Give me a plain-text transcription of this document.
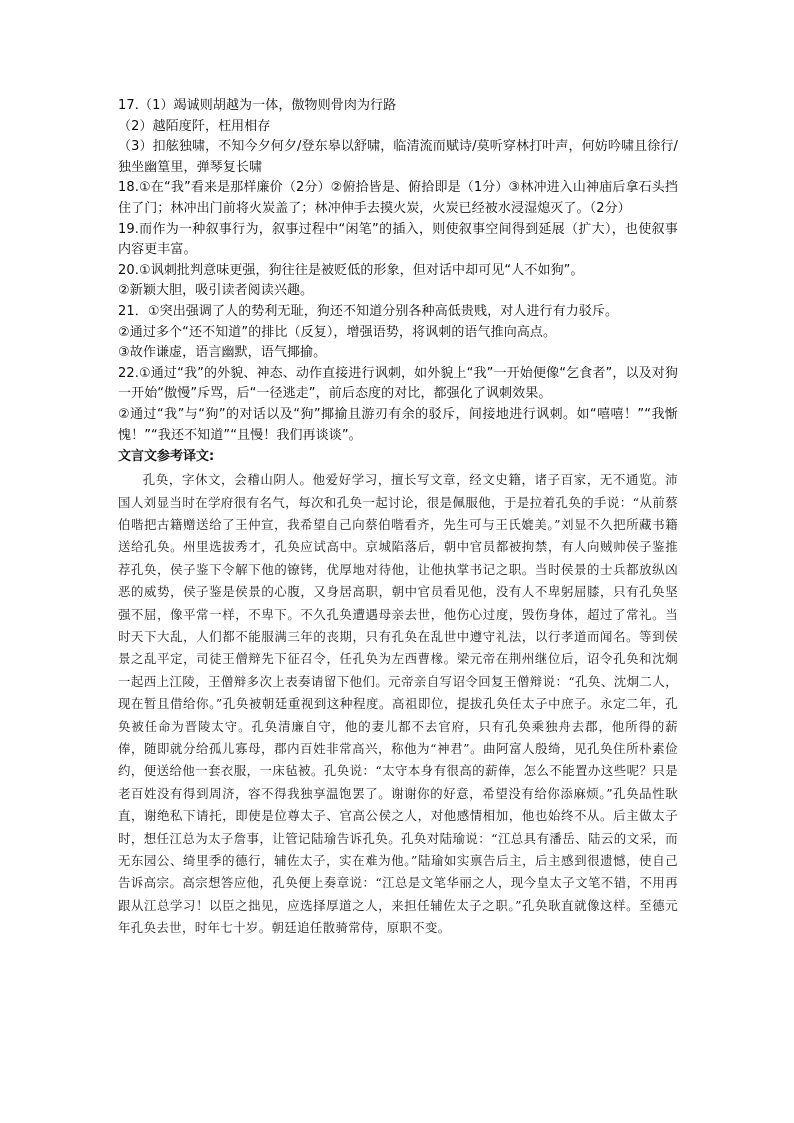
17.（1）竭诚则胡越为一体，傲物则骨肉为行路

（2）越陌度阡，枉用相存

（3）扣舷独啸，不知今夕何夕/登东皋以舒啸，临清流而赋诗/莫听穿林打叶声，何妨吟啸且徐行/独坐幽篁里，弹琴复长啸

18.①在“我”看来是那样廉价（2分）②俯拾皆是、俯拾即是（1分）③林冲进入山神庙后拿石头挡住了门；林冲出门前将火炭盖了；林冲伸手去摸火炭，火炭已经被水浸湿熄灭了。（2分）

19.而作为一种叙事行为，叙事过程中“闲笔”的插入，则使叙事空间得到延展（扩大），也使叙事内容更丰富。

20.①讽刺批判意味更强，狗往往是被贬低的形象，但对话中却可见“人不如狗”。

②新颖大胆，吸引读者阅读兴趣。

21．①突出强调了人的势利无耻，狗还不知道分别各种高低贵贱，对人进行有力驳斥。

②通过多个“还不知道”的排比（反复），增强语势，将讽刺的语气推向高点。

③故作谦虚，语言幽默，语气揶揄。

22.①通过“我”的外貌、神态、动作直接进行讽刺，如外貌上“我”一开始便像“乞食者”，以及对狗一开始“傲慢”斥骂，后“一径逃走”，前后态度的对比，都强化了讽刺效果。

②通过“我”与“狗”的对话以及“狗”揶揄且游刃有余的驳斥，间接地进行讽刺。如“嘻嘻！”“我惭愧！”“我还不知道”“且慢！我们再谈谈”。

文言文参考译文:

孔奂，字休文，会稽山阴人。他爱好学习，擅长写文章，经文史籍，诸子百家，无不通览。沛国人刘显当时在学府很有名气，每次和孔奂一起讨论，很是佩服他，于是拉着孔奂的手说：“从前蔡伯喈把古籍赠送给了王仲宣，我希望自己向蔡伯喈看齐，先生可与王氏媲美。”刘显不久把所藏书籍送给孔奂。州里选拔秀才，孔奂应试高中。京城陷落后，朝中官员都被拘禁，有人向贼帅侯子鉴推荐孔奂，侯子鉴下令解下他的镣铐，优厚地对待他，让他执掌书记之职。当时侯景的士兵都放纵凶恶的威势，侯子鉴是侯景的心腹，又身居高职，朝中官员看见他，没有人不卑躬屈膝，只有孔奂坚强不屈，像平常一样，不卑下。不久孔奂遭遇母亲去世，他伤心过度，毁伤身体，超过了常礼。当时天下大乱，人们都不能服满三年的丧期，只有孔奂在乱世中遵守礼法，以行孝道而闻名。等到侯景之乱平定，司徒王僧辩先下征召令，任孔奂为左西曹椽。梁元帝在荆州继位后，诏令孔奂和沈炯一起西上江陵，王僧辩多次上表奏请留下他们。元帝亲自写诏令回复王僧辩说：“孔奂、沈炯二人，现在暂且借给你。”孔奂被朝廷重视到这种程度。高祖即位，提拔孔奂任太子中庶子。永定二年，孔奂被任命为晋陵太守。孔奂清廉自守，他的妻儿都不去官府，只有孔奂乘独舟去郡，他所得的薪俸，随即就分给孤儿寡母，郡内百姓非常高兴，称他为“神君”。曲阿富人殷绮，见孔奂住所朴素俭约，便送给他一套衣服，一床毡被。孔奂说：“太守本身有很高的薪俸，怎么不能置办这些呢？只是老百姓没有得到周济，容不得我独享温饱罢了。谢谢你的好意，希望没有给你添麻烦。”孔奂品性耿直，谢绝私下请托，即使是位尊太子、官高公侯之人，对他感情相加，他也始终不从。后主做太子时，想任江总为太子詹事，让管记陆瑜告诉孔奂。孔奂对陆瑜说：“江总具有潘岳、陆云的文采，而无东园公、绮里季的德行，辅佐太子，实在难为他。”陆瑜如实禀告后主，后主感到很遗憾，使自己告诉高宗。高宗想答应他，孔奂便上奏章说：“江总是文笔华丽之人，现今皇太子文笔不错，不用再跟从江总学习！以臣之拙见，应选择厚道之人，来担任辅佐太子之职。”孔奂耿直就像这样。至德元年孔奂去世，时年七十岁。朝廷追任散骑常侍，原职不变。
